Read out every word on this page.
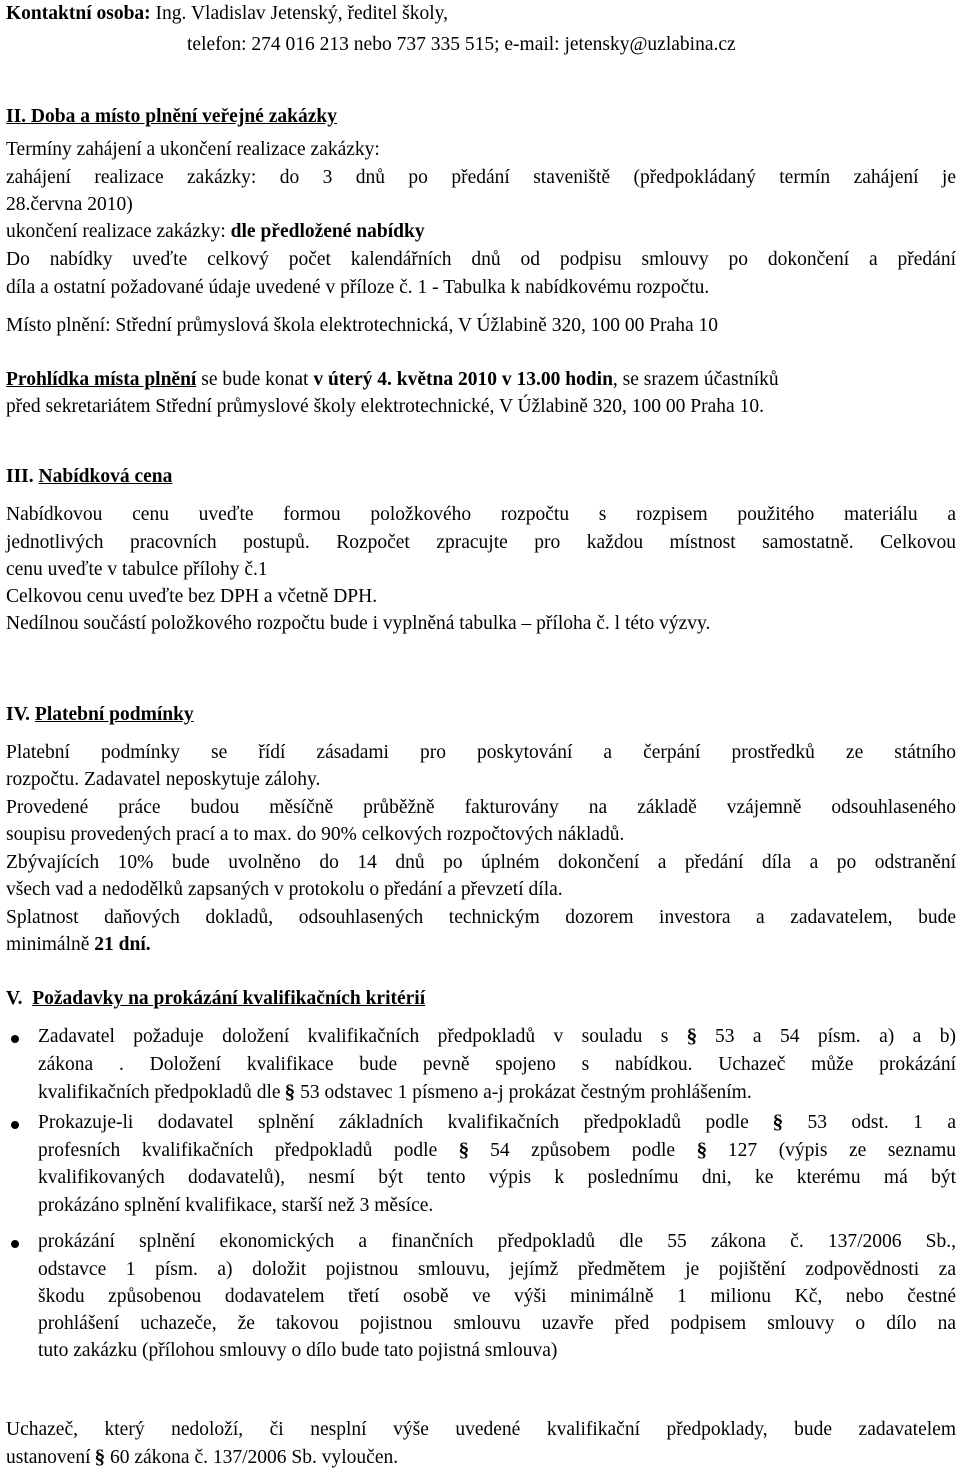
Kontaktní osoba: Ing. Vladislav Jetenský, ředitel školy,
telefon: 274 016 213 nebo 737 335 515; e-mail: jetensky@uzlabina.cz
II. Doba a místo plnění veřejné zakázky
Termíny zahájení a ukončení realizace zakázky:
zahájení realizace zakázky: do 3 dnů po předání staveniště (předpokládaný termín zahájení je
28.června 2010)
ukončení realizace zakázky: dle předložené nabídky
Do nabídky uveďte celkový počet kalendářních dnů od podpisu smlouvy po dokončení a předání
díla a ostatní požadované údaje uvedené v příloze č. 1 - Tabulka k nabídkovému rozpočtu.
Místo plnění: Střední průmyslová škola elektrotechnická, V Úžlabině 320, 100 00 Praha 10
Prohlídka místa plnění se bude konat v úterý 4. května 2010 v 13.00 hodin, se srazem účastníků
před sekretariátem Střední průmyslové školy elektrotechnické, V Úžlabině 320, 100 00 Praha 10.
III. Nabídková cena
Nabídkovou cenu uveďte formou položkového rozpočtu s rozpisem použitého materiálu a
jednotlivých pracovních postupů. Rozpočet zpracujte pro každou místnost samostatně. Celkovou
cenu uveďte v tabulce přílohy č.1
Celkovou cenu uveďte bez DPH a včetně DPH.
Nedílnou součástí položkového rozpočtu bude i vyplněná tabulka – příloha č. l této výzvy.
IV. Platební podmínky
Platební podmínky se řídí zásadami pro poskytování a čerpání prostředků ze státního
rozpočtu. Zadavatel neposkytuje zálohy.
Provedené práce budou měsíčně průběžně fakturovány na základě vzájemně odsouhlaseného
soupisu provedených prací a to max. do 90% celkových rozpočtových nákladů.
Zbývajících 10% bude uvolněno do 14 dnů po úplném dokončení a předání díla a po odstranění
všech vad a nedodělků zapsaných v protokolu o předání a převzetí díla.
Splatnost daňových dokladů, odsouhlasených technickým dozorem investora a zadavatelem, bude
minimálně 21 dní.
V. Požadavky na prokázání kvalifikačních kritérií
Zadavatel požaduje doložení kvalifikačních předpokladů v souladu s § 53 a 54 písm. a) a b)
zákona . Doložení kvalifikace bude pevně spojeno s nabídkou. Uchazeč může prokázání
kvalifikačních předpokladů dle § 53 odstavec 1 písmeno a-j prokázat čestným prohlášením.
Prokazuje-li dodavatel splnění základních kvalifikačních předpokladů podle § 53 odst. 1 a
profesních kvalifikačních předpokladů podle § 54 způsobem podle § 127 (výpis ze seznamu
kvalifikovaných dodavatelů), nesmí být tento výpis k poslednímu dni, ke kterému má být
prokázáno splnění kvalifikace, starší než 3 měsíce.
prokázání splnění ekonomických a finančních předpokladů dle 55 zákona č. 137/2006 Sb.,
odstavce 1 písm. a) doložit pojistnou smlouvu, jejímž předmětem je pojištění zodpovědnosti za
škodu způsobenou dodavatelem třetí osobě ve výši minimálně 1 milionu Kč, nebo čestné
prohlášení uchazeče, že takovou pojistnou smlouvu uzavře před podpisem smlouvy o dílo na
tuto zakázku (přílohou smlouvy o dílo bude tato pojistná smlouva)
Uchazeč, který nedoloží, či nesplní výše uvedené kvalifikační předpoklady, bude zadavatelem
ustanovení § 60 zákona č. 137/2006 Sb. vyloučen.
